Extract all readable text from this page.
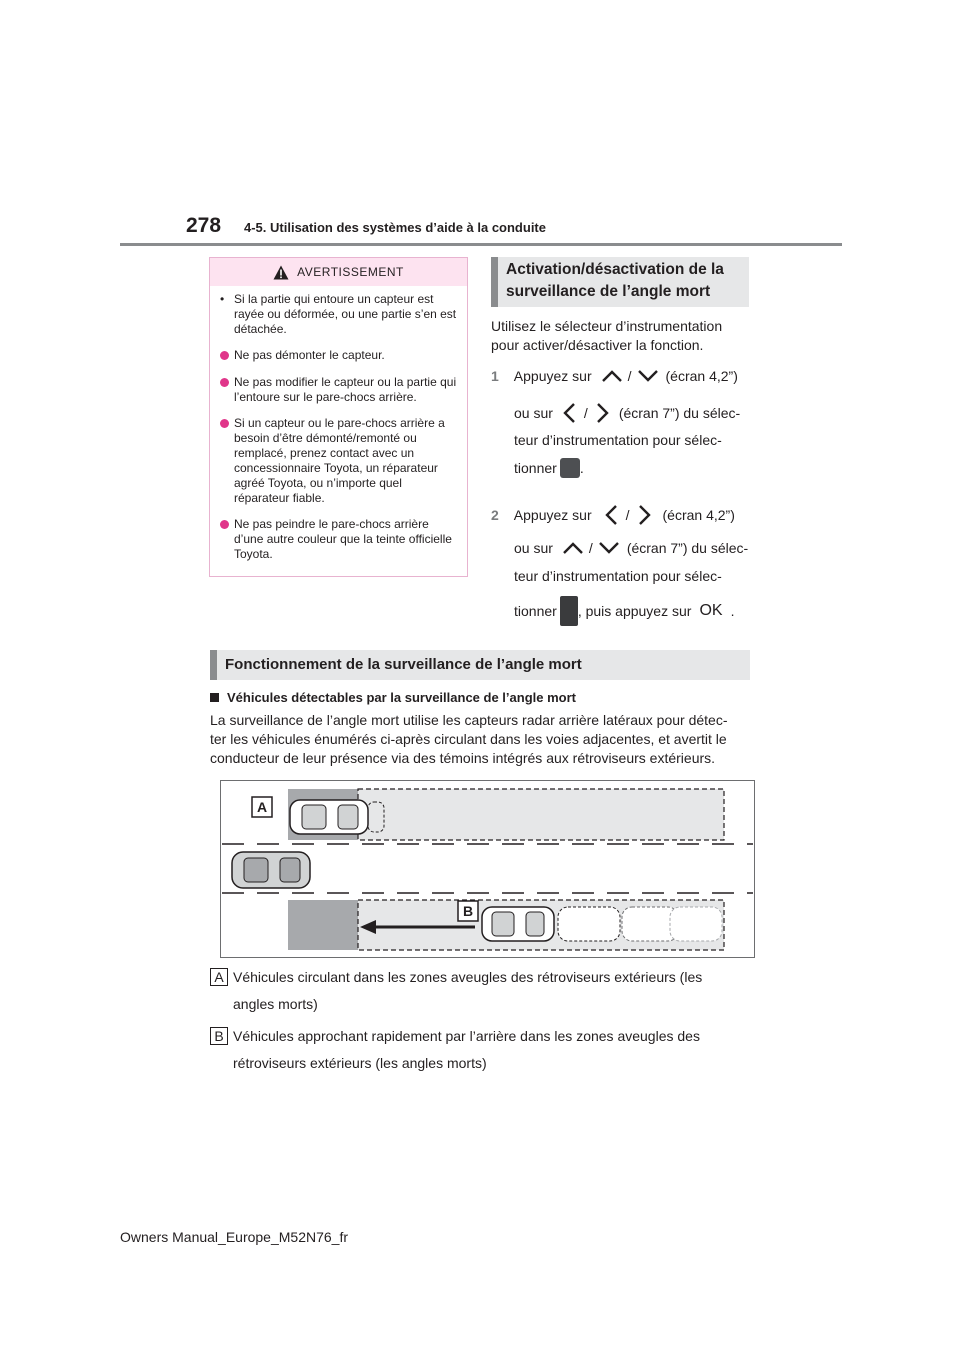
278 4-5. Utilisation des systèmes d’aide à la conduite
AVERTISSEMENT
• Si la partie qui entoure un capteur est rayée ou déformée, ou une partie s’en est détachée.
Ne pas démonter le capteur.
Ne pas modifier le capteur ou la partie qui l’entoure sur le pare-chocs arrière.
Si un capteur ou le pare-chocs arrière a besoin d’être démonté/remonté ou remplacé, prenez contact avec un concessionnaire Toyota, un réparateur agréé Toyota, ou n’importe quel réparateur fiable.
Ne pas peindre le pare-chocs arrière d’une autre couleur que la teinte officielle Toyota.
Activation/désactivation de la
surveillance de l’angle mort
Utilisez le sélecteur d’instrumentation
pour activer/désactiver la fonction.
1 Appuyez sur	/ (écran 4,2”)
ou sur / (écran 7”) du sélec-
teur d’instrumentation pour sélec-
tionner .
2 Appuyez sur / (écran 4,2”)
ou sur	/ (écran 7”) du sélec-
teur d’instrumentation pour sélec-
tionner , puis appuyez sur OK .
Fonctionnement de la surveillance de l’angle mort
Véhicules détectables par la surveillance de l’angle mort
La surveillance de l’angle mort utilise les capteurs radar arrière latéraux pour détec-
ter les véhicules énumérés ci-après circulant dans les voies adjacentes, et avertit le
conducteur de leur présence via des témoins intégrés aux rétroviseurs extérieurs.
A
B
A Véhicules circulant dans les zones aveugles des rétroviseurs extérieurs (les
angles morts)
B Véhicules approchant rapidement par l’arrière dans les zones aveugles des
rétroviseurs extérieurs (les angles morts)
Owners Manual_Europe_M52N76_fr
